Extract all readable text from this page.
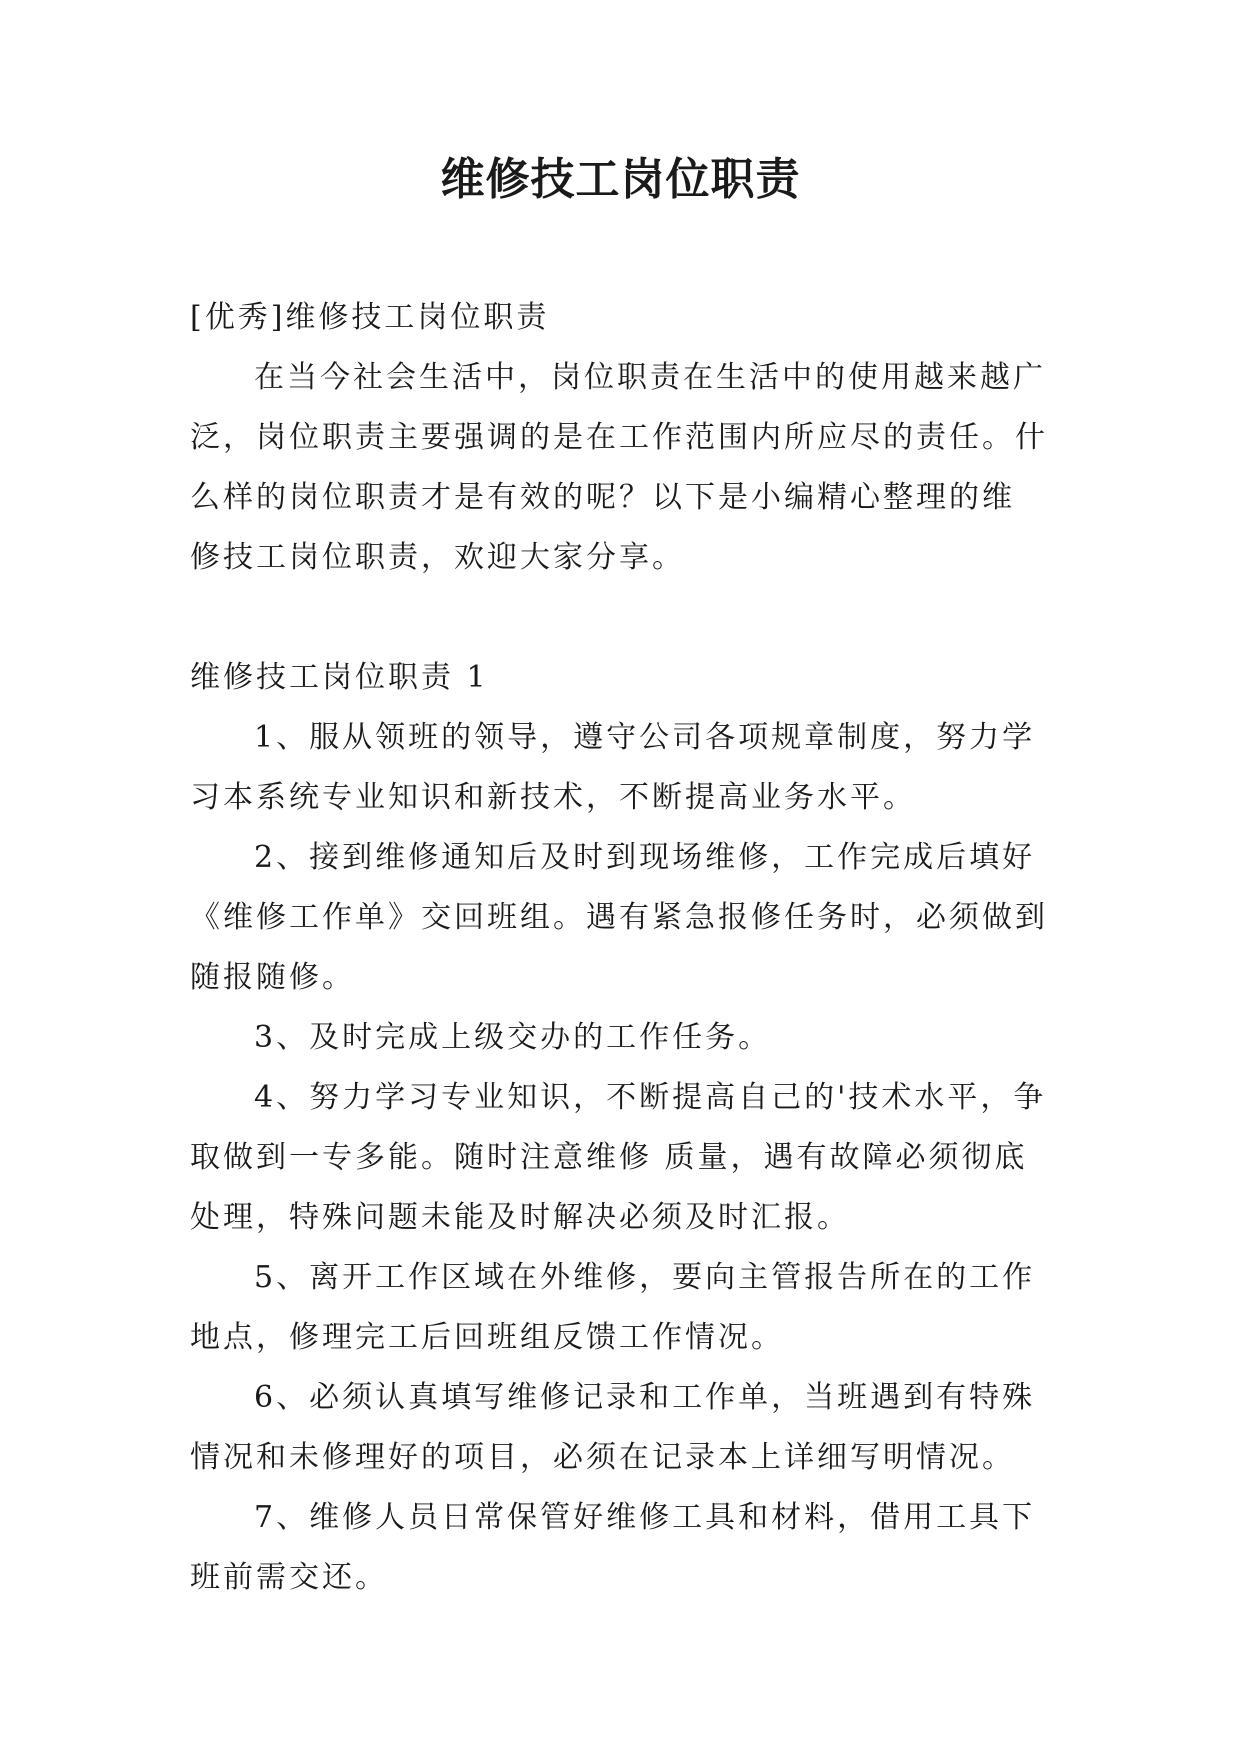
维修技工岗位职责

[优秀]维修技工岗位职责

在当今社会生活中，岗位职责在生活中的使用越来越广

泛，岗位职责主要强调的是在工作范围内所应尽的责任。什

么样的岗位职责才是有效的呢？以下是小编精心整理的维

修技工岗位职责，欢迎大家分享。

维修技工岗位职责 1

1、服从领班的领导，遵守公司各项规章制度，努力学

习本系统专业知识和新技术，不断提高业务水平。

2、接到维修通知后及时到现场维修，工作完成后填好

《维修工作单》交回班组。遇有紧急报修任务时，必须做到

随报随修。

3、及时完成上级交办的工作任务。

4、努力学习专业知识，不断提高自己的'技术水平，争

取做到一专多能。随时注意维修 质量，遇有故障必须彻底

处理，特殊问题未能及时解决必须及时汇报。

5、离开工作区域在外维修，要向主管报告所在的工作

地点，修理完工后回班组反馈工作情况。

6、必须认真填写维修记录和工作单，当班遇到有特殊

情况和未修理好的项目，必须在记录本上详细写明情况。

7、维修人员日常保管好维修工具和材料，借用工具下

班前需交还。
